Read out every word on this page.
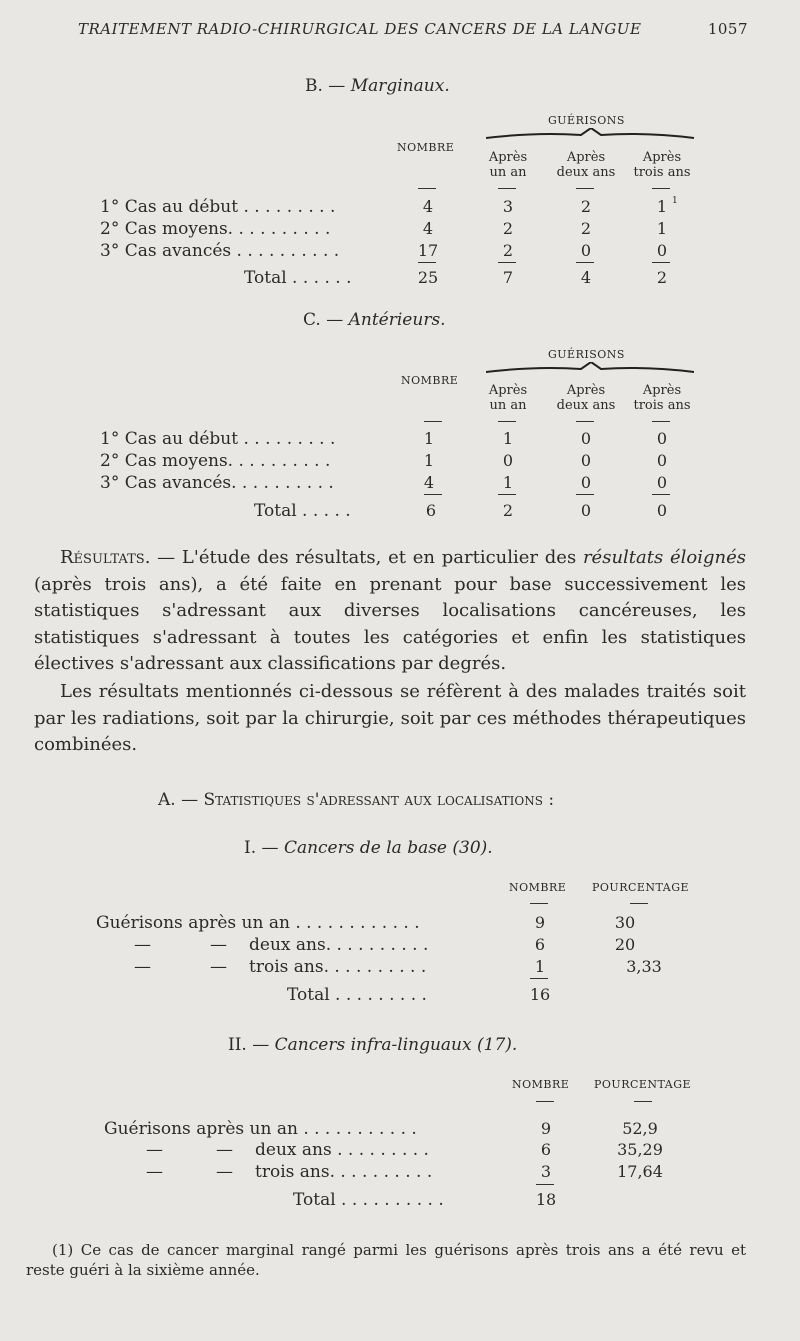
TRAITEMENT RADIO-CHIRURGICAL DES CANCERS DE LA LANGUE	1057
B. — Marginaux.
GUÉRISONS
NOMBRE
Après
un an
Après
deux ans
Après
trois ans
1° Cas au début . . . . . . . . .	4	3	2	1 1
2° Cas moyens. . . . . . . . . .	4	2	2	1
3° Cas avancés . . . . . . . . . .	17	2	0	0
Total . . . . . .	25	7	4	2
C. — Antérieurs.
GUÉRISONS
NOMBRE
Après
un an
Après
deux ans
Après
trois ans
1° Cas au début . . . . . . . . .	1	1	0	0
2° Cas moyens. . . . . . . . . .	1	0	0	0
3° Cas avancés. . . . . . . . . .	4	1	0	0
Total . . . . .	6	2	0	0
Résultats. — L'étude des résultats, et en particulier des résultats éloignés (après trois ans), a été faite en prenant pour base successivement les statistiques s'adressant aux diverses localisations cancéreuses, les statistiques s'adressant à toutes les catégories et enfin les statistiques électives s'adressant aux classifications par degrés.
Les résultats mentionnés ci-dessous se réfèrent à des malades traités soit par les radiations, soit par la chirurgie, soit par ces méthodes thérapeutiques combinées.
A. — Statistiques s'adressant aux localisations :
I. — Cancers de la base (30).
NOMBRE POURCENTAGE
Guérisons après un an . . . . . . . . . . . .	9	30
—	— deux ans. . . . . . . . . .	6	20
—	— trois ans. . . . . . . . . .	1	3,33
Total . . . . . . . . .	16
II. — Cancers infra-linguaux (17).
NOMBRE POURCENTAGE
Guérisons après un an . . . . . . . . . . .	9	52,9
—	— deux ans . . . . . . . . .	6	35,29
—	— trois ans. . . . . . . . . .	3	17,64
Total . . . . . . . . . .	18
(1) Ce cas de cancer marginal rangé parmi les guérisons après trois ans a été revu et reste guéri à la sixième année.
